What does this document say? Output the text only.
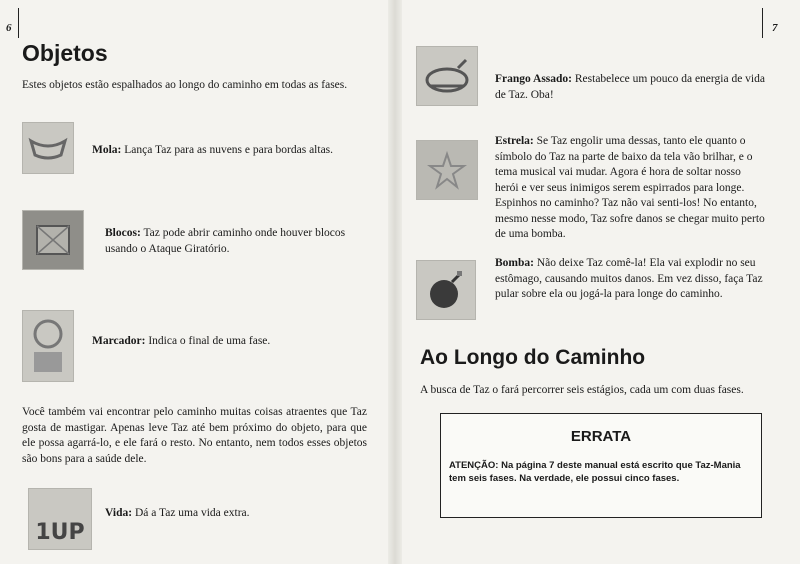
6
Objetos
Estes objetos estão espalhados ao longo do caminho em todas as fases.
Mola: Lança Taz para as nuvens e para bordas altas.
Blocos: Taz pode abrir caminho onde houver blocos usando o Ataque Giratório.
Marcador: Indica o final de uma fase.
Você também vai encontrar pelo caminho muitas coisas atraentes que Taz gosta de mastigar. Apenas leve Taz até bem próximo do objeto, para que ele possa agarrá-lo, e ele fará o resto. No entanto, nem todos esses objetos são bons para a saúde dele.
1UP
Vida: Dá a Taz uma vida extra.
7
Frango Assado: Restabelece um pouco da energia de vida de Taz. Oba!
Estrela: Se Taz engolir uma dessas, tanto ele quanto o símbolo do Taz na parte de baixo da tela vão brilhar, e o tema musical vai mudar. Agora é hora de soltar nosso herói e ver seus inimigos serem espirrados para longe. Espinhos no caminho? Taz não vai senti-los! No entanto, mesmo nesse modo, Taz sofre danos se chegar muito perto de uma bomba.
Bomba: Não deixe Taz comê-la! Ela vai explodir no seu estômago, causando muitos danos. Em vez disso, faça Taz pular sobre ela ou jogá-la para longe do caminho.
Ao Longo do Caminho
A busca de Taz o fará percorrer seis estágios, cada um com duas fases.
ERRATA
ATENÇÃO: Na página 7 deste manual está escrito que Taz-Mania tem seis fases. Na verdade, ele possui cinco fases.
